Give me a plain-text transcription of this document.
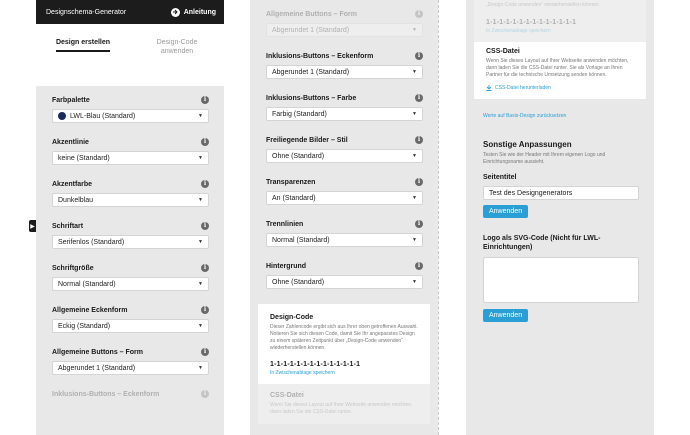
▶
Designschema-Generator	Anleitung
Design erstellen	Design-Code
anwenden
Farbpalette	i
LWL-Blau (Standard)	▼
Akzentlinie	i
keine (Standard)	▼
Akzentfarbe	i
Dunkelblau	▼
Schriftart	i
Serifenlos (Standard)	▼
Schriftgröße	i
Normal (Standard)	▼
Allgemeine Eckenform	i
Eckig (Standard)	▼
Allgemeine Buttons – Form	i
Abgerundet 1 (Standard)	▼
Inklusions-Buttons – Eckenform	i
Allgemeine Buttons – Form	i
Abgerundet 1 (Standard)	▼
Inklusions-Buttons – Eckenform	i
Abgerundet 1 (Standard)	▼
Inklusions-Buttons – Farbe	i
Farbig (Standard)	▼
Freiliegende Bilder – Stil	i
Ohne (Standard)	▼
Transparenzen	i
An (Standard)	▼
Trennlinien	i
Normal (Standard)	▼
Hintergrund	i
Ohne (Standard)	▼
Design-Code
Dieser Zahlencode ergibt sich aus Ihrer oben getroffenen Auswahl. Notieren Sie sich diesen Code, damit Sie Ihr angepasstes Design zu einem späteren Zeitpunkt über „Design-Code anwenden“ wiederherstellen können.
1-1-1-1-1-1-1-1-1-1-1-1-1-1
In Zwischenablage speichern
CSS-Datei
Wenn Sie dieses Layout auf Ihrer Webseite anwenden möchten, dann laden Sie die CSS-Datei runter.
„Design-Code anwenden“ wiederherstellen können.
1-1-1-1-1-1-1-1-1-1-1-1-1-1
In Zwischenablage speichern
CSS-Datei
Wenn Sie dieses Layout auf Ihrer Webseite anwenden möchten, dann laden Sie die CSS-Datei runter. Sie als Vorlage an Ihren Partner für die technische Umsetzung senden können.
CSS-Datei herunterladen
Werte auf Basis-Design zurücksetzen
Sonstige Anpassungen
Testen Sie wie der Header mit Ihrem eigenen Logo und Einrichtungsname aussieht.
Seitentitel
Test des Designgenerators
Anwenden
Logo als SVG-Code (Nicht für LWL-Einrichtungen)
Anwenden
